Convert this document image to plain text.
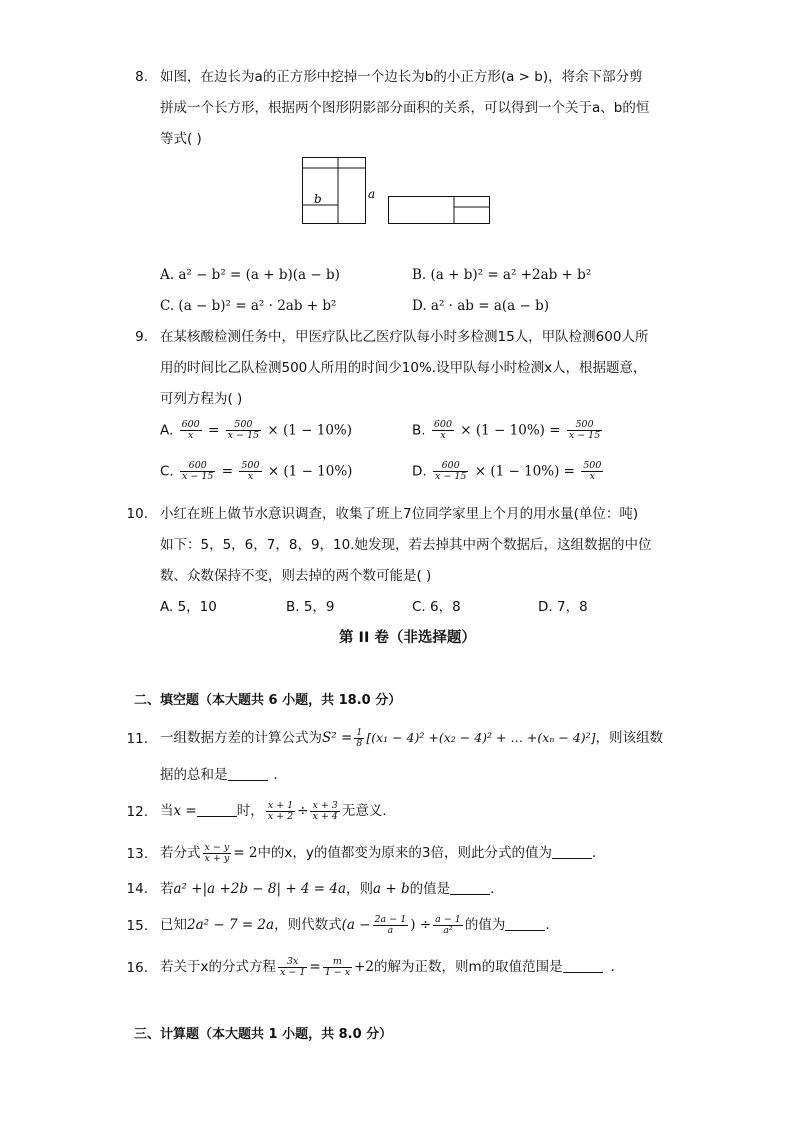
8. 如图，在边长为a的正方形中挖掉一个边长为b的小正方形(a > b)，将余下部分剪
拼成一个长方形，根据两个图形阴影部分面积的关系，可以得到一个关于a、b的恒
等式( )
b	a
A. a² − b² = (a + b)(a − b)	B. (a + b)² = a² +2ab + b²
C. (a − b)² = a² · 2ab + b²	D. a² · ab = a(a − b)
9. 在某核酸检测任务中，甲医疗队比乙医疗队每小时多检测15人，甲队检测600人所
用的时间比乙队检测500人所用的时间少10%.设甲队每小时检测x人，根据题意，
可列方程为( )
A. $\frac{600}{x} = \frac{500}{x - 15} \times (1 - 10\%)$	B. $\frac{600}{x} \times (1 - 10\%) = \frac{500}{x - 15}$
C. $\frac{600}{x - 15} = \frac{500}{x} \times (1 - 10\%)$	D. $\frac{600}{x - 15} \times (1 - 10\%) = \frac{500}{x}$
10. 小红在班上做节水意识调查，收集了班上7位同学家里上个月的用水量(单位：吨)
如下：5，5，6，7，8，9，10.她发现，若去掉其中两个数据后，这组数据的中位
数、众数保持不变，则去掉的两个数可能是( )
A. 5，10	B. 5，9	C. 6，8	D. 7，8
第 II 卷（非选择题）
二、填空题（本大题共 6 小题，共 18.0 分）
11. 一组数据方差的计算公式为$S^2 = \frac{1}{8} [(x_1 - 4)^2 +(x_2 - 4)^2$ + … +(xₙ − 4)²]，则该组数
据的总和是	．
12. 当x =	时， $\frac{x + 1}{x + 2} \div \frac{x + 3}{x + 4}$ 无意义．
13. 若分式 $\frac{x - y}{x + y} = 2$中的x，y的值都变为原来的3倍，则此分式的值为	．
14. 若a² +|a +2b − 8| + 4 = 4a，则a + b的值是	．
15. 已知2a² − 7 = 2a，则代数式($a - \frac{2a - 1}{a}$ ) ÷ $\frac{a - 1}{\text{a²}}$ 的值为	．
16. 若关于x的分式方程 $\frac{3x}{x - 1} = \frac{m}{1 - x} +2$的解为正数，则m的取值范围是	．
三、计算题（本大题共 1 小题，共 8.0 分）
